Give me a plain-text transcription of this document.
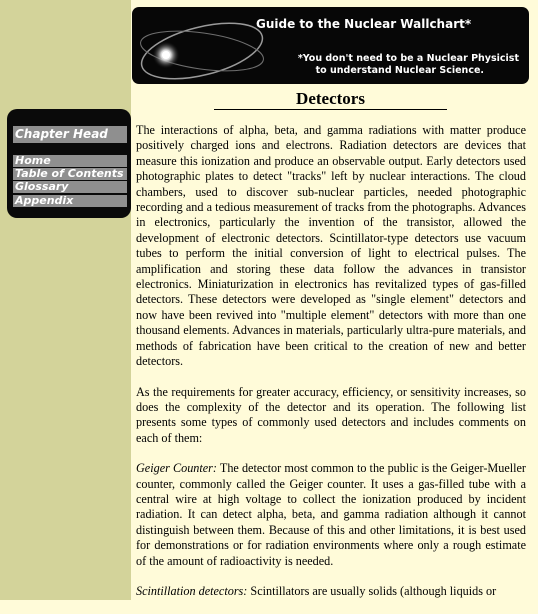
Chapter Head
Home
Table of Contents
Glossary
Appendix
Guide to the Nuclear Wallchart*
*You don't need to be a Nuclear Physicist
to understand Nuclear Science.
Detectors

The interactions of alpha, beta, and gamma radiations with matter produce positively charged ions and electrons. Radiation detectors are devices that measure this ionization and produce an observable output. Early detectors used photographic plates to detect "tracks" left by nuclear interactions. The cloud chambers, used to discover sub-nuclear particles, needed photographic recording and a tedious measurement of tracks from the photographs. Advances in electronics, particularly the invention of the transistor, allowed the development of electronic detectors. Scintillator-type detectors use vacuum tubes to perform the initial conversion of light to electrical pulses. The amplification and storing these data follow the advances in transistor electronics. Miniaturization in electronics has revitalized types of gas-filled detectors. These detectors were developed as "single element" detectors and now have been revived into "multiple element" detectors with more than one thousand elements. Advances in materials, particularly ultra-pure materials, and methods of fabrication have been critical to the creation of new and better detectors.

As the requirements for greater accuracy, efficiency, or sensitivity increases, so does the complexity of the detector and its operation. The following list presents some types of commonly used detectors and includes comments on each of them:

Geiger Counter: The detector most common to the public is the Geiger-Mueller counter, commonly called the Geiger counter. It uses a gas-filled tube with a central wire at high voltage to collect the ionization produced by incident radiation. It can detect alpha, beta, and gamma radiation although it cannot distinguish between them. Because of this and other limitations, it is best used for demonstrations or for radiation environments where only a rough estimate of the amount of radioactivity is needed.

Scintillation detectors: Scintillators are usually solids (although liquids or
